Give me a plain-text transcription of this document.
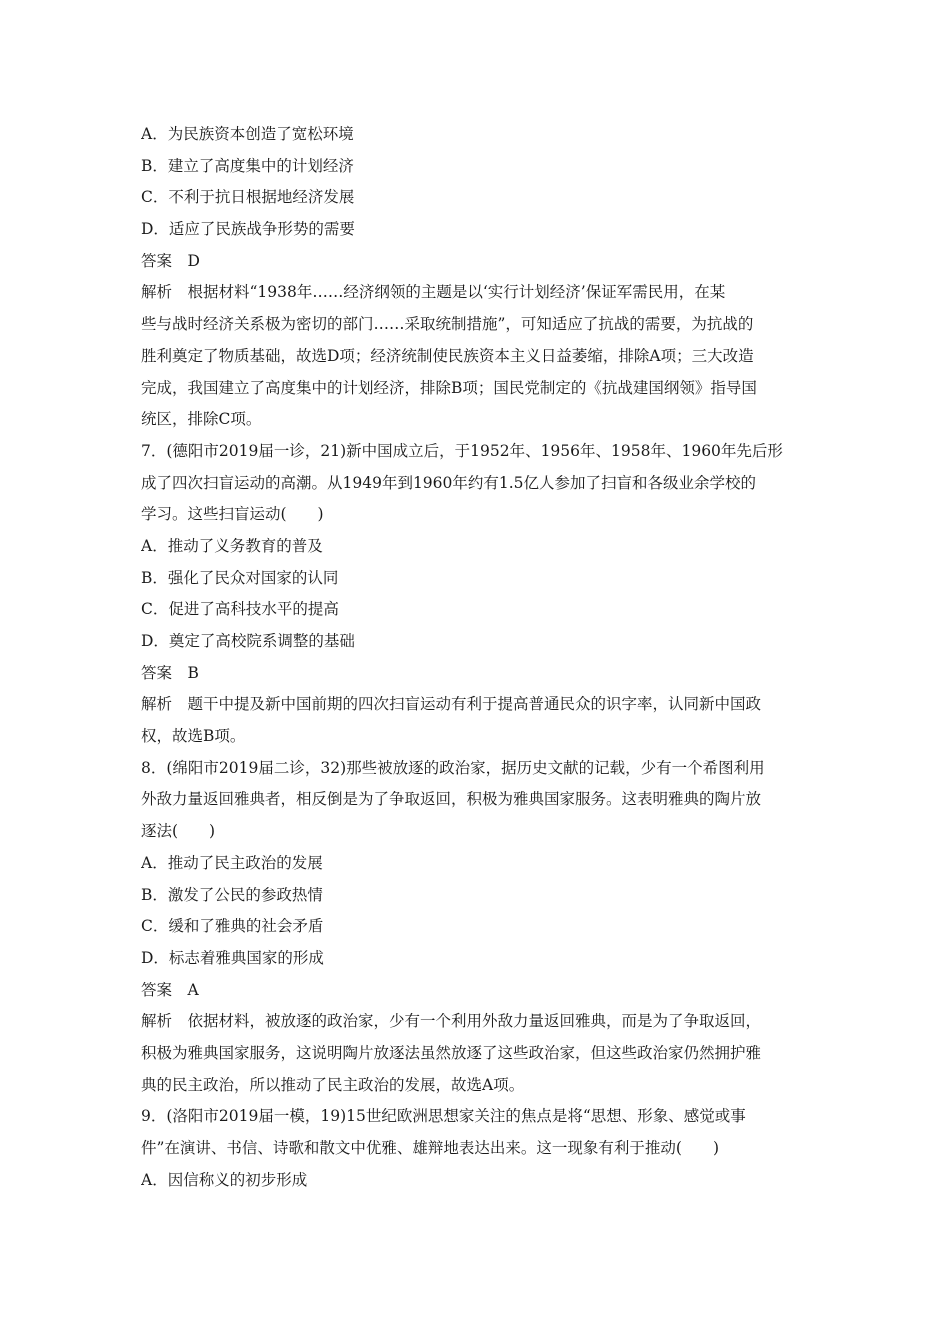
A．为民族资本创造了宽松环境
B．建立了高度集中的计划经济
C．不利于抗日根据地经济发展
D．适应了民族战争形势的需要
答案　D
解析　根据材料“1938年……经济纲领的主题是以‘实行计划经济’保证军需民用，在某
些与战时经济关系极为密切的部门……采取统制措施”，可知适应了抗战的需要，为抗战的
胜利奠定了物质基础，故选D项；经济统制使民族资本主义日益萎缩，排除A项；三大改造
完成，我国建立了高度集中的计划经济，排除B项；国民党制定的《抗战建国纲领》指导国
统区，排除C项。
7．(德阳市2019届一诊，21)新中国成立后，于1952年、1956年、1958年、1960年先后形
成了四次扫盲运动的高潮。从1949年到1960年约有1.5亿人参加了扫盲和各级业余学校的
学习。这些扫盲运动(　　)
A．推动了义务教育的普及
B．强化了民众对国家的认同
C．促进了高科技水平的提高
D．奠定了高校院系调整的基础
答案　B
解析　题干中提及新中国前期的四次扫盲运动有利于提高普通民众的识字率，认同新中国政
权，故选B项。
8．(绵阳市2019届二诊，32)那些被放逐的政治家，据历史文献的记载，少有一个希图利用
外敌力量返回雅典者，相反倒是为了争取返回，积极为雅典国家服务。这表明雅典的陶片放
逐法(　　)
A．推动了民主政治的发展
B．激发了公民的参政热情
C．缓和了雅典的社会矛盾
D．标志着雅典国家的形成
答案　A
解析　依据材料，被放逐的政治家，少有一个利用外敌力量返回雅典，而是为了争取返回，
积极为雅典国家服务，这说明陶片放逐法虽然放逐了这些政治家，但这些政治家仍然拥护雅
典的民主政治，所以推动了民主政治的发展，故选A项。
9．(洛阳市2019届一模，19)15世纪欧洲思想家关注的焦点是将“思想、形象、感觉或事
件”在演讲、书信、诗歌和散文中优雅、雄辩地表达出来。这一现象有利于推动(　　)
A．因信称义的初步形成
